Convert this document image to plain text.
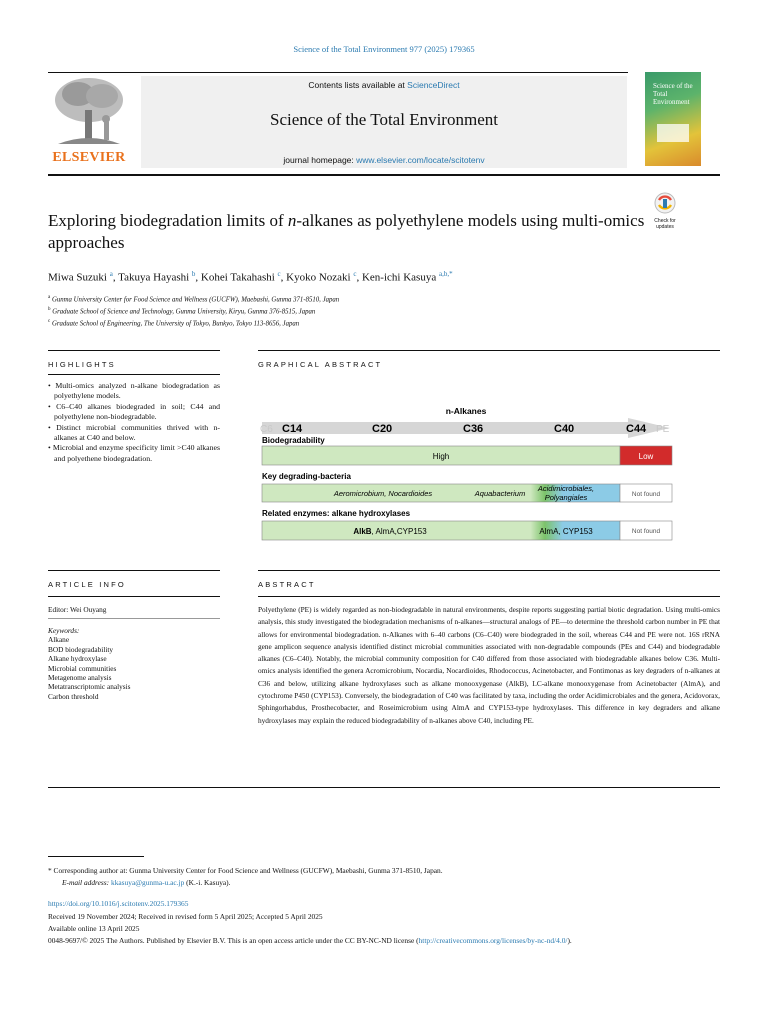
Science of the Total Environment 977 (2025) 179365
ELSEVIER
Contents lists available at ScienceDirect
Science of the Total Environment
journal homepage: www.elsevier.com/locate/scitotenv
Science of the Total Environment
Exploring biodegradation limits of n-alkanes as polyethylene models using multi-omics approaches
Check for
updates
Miwa Suzuki $^a$, Takuya Hayashi $^b$, Kohei Takahashi $^c$, Kyoko Nozaki $^c$, Ken-ichi Kasuya $^{a,b,*}$
$^a$ Gunma University Center for Food Science and Wellness (GUCFW), Maebashi, Gunma 371-8510, Japan
$^b$ Graduate School of Science and Technology, Gunma University, Kiryu, Gunma 376-8515, Japan
$^c$ Graduate School of Engineering, The University of Tokyo, Bunkyo, Tokyo 113-8656, Japan
HIGHLIGHTS	GRAPHICAL ABSTRACT
• Multi-omics analyzed n-alkane biodegradation as polyethylene models.
• C6–C40 alkanes biodegraded in soil; C44 and polyethylene non-biodegradable.
• Distinct microbial communities thrived with n-alkanes at C40 and below.
• Microbial and enzyme specificity limit >C40 alkanes and polyethene biodegradation.
n-Alkanes
C6 C14	C20	C36	C40	C44 PE
Biodegradability
High	Low
Key degrading-bacteria
Aeromicrobium, Nocardioides	Aquabacterium
Acidimicrobiales,
Polyangiales	Not found
Related enzymes: alkane hydroxylases
AlkB, AlmA,CYP153	AlmA, CYP153	Not found
ARTICLE INFO	ABSTRACT
Editor: Wei Ouyang
Keywords:
Alkane
BOD biodegradability
Alkane hydroxylase
Microbial communities
Metagenome analysis
Metatranscriptomic analysis
Carbon threshold
Polyethylene (PE) is widely regarded as non-biodegradable in natural environments, despite reports suggesting partial biotic degradation. Using multi-omics analysis, this study investigated the biodegradation mechanisms of n-alkanes—structural analogs of PE—to determine the threshold carbon number in PE that allows for environmental biodegradation. n-Alkanes with 6–40 carbons (C6–C40) were biodegraded in the soil, whereas C44 and PE were not. 16S rRNA gene amplicon sequence analysis identified distinct microbial communities associated with non-degradable compounds (PEs and C44) and biodegradable alkanes (C6–C40). Notably, the microbial community composition for C40 differed from those associated with biodegradable alkanes below C36. Multi-omics analysis identified the genera Acromicrobium, Nocardia, Nocardioides, Rhodococcus, Acinetobacter, and Fontimonas as key degraders of n-alkanes at C36 and below, utilizing alkane hydroxylases such as alkane monooxygenase (AlkB), LC-alkane monooxygenase from Acinetobacter (AlmA), and cytochrome P450 (CYP153). Conversely, the biodegradation of C40 was facilitated by taxa, including the order Acidimicrobiales and the genera, Acidovorax, Sphingorhabdus, Prosthecobacter, and Roseimicrobium using AlmA and CYP153-type hydroxylases. This difference in key degraders and alkane hydroxylases may explain the reduced biodegradability of n-alkanes above C40, including PE.
* Corresponding author at: Gunma University Center for Food Science and Wellness (GUCFW), Maebashi, Gunma 371-8510, Japan.
E-mail address: kkasuya@gunma-u.ac.jp (K.-i. Kasuya).
https://doi.org/10.1016/j.scitotenv.2025.179365
Received 19 November 2024; Received in revised form 5 April 2025; Accepted 5 April 2025
Available online 13 April 2025
0048-9697/© 2025 The Authors. Published by Elsevier B.V. This is an open access article under the CC BY-NC-ND license (http://creativecommons.org/licenses/by-nc-nd/4.0/).
